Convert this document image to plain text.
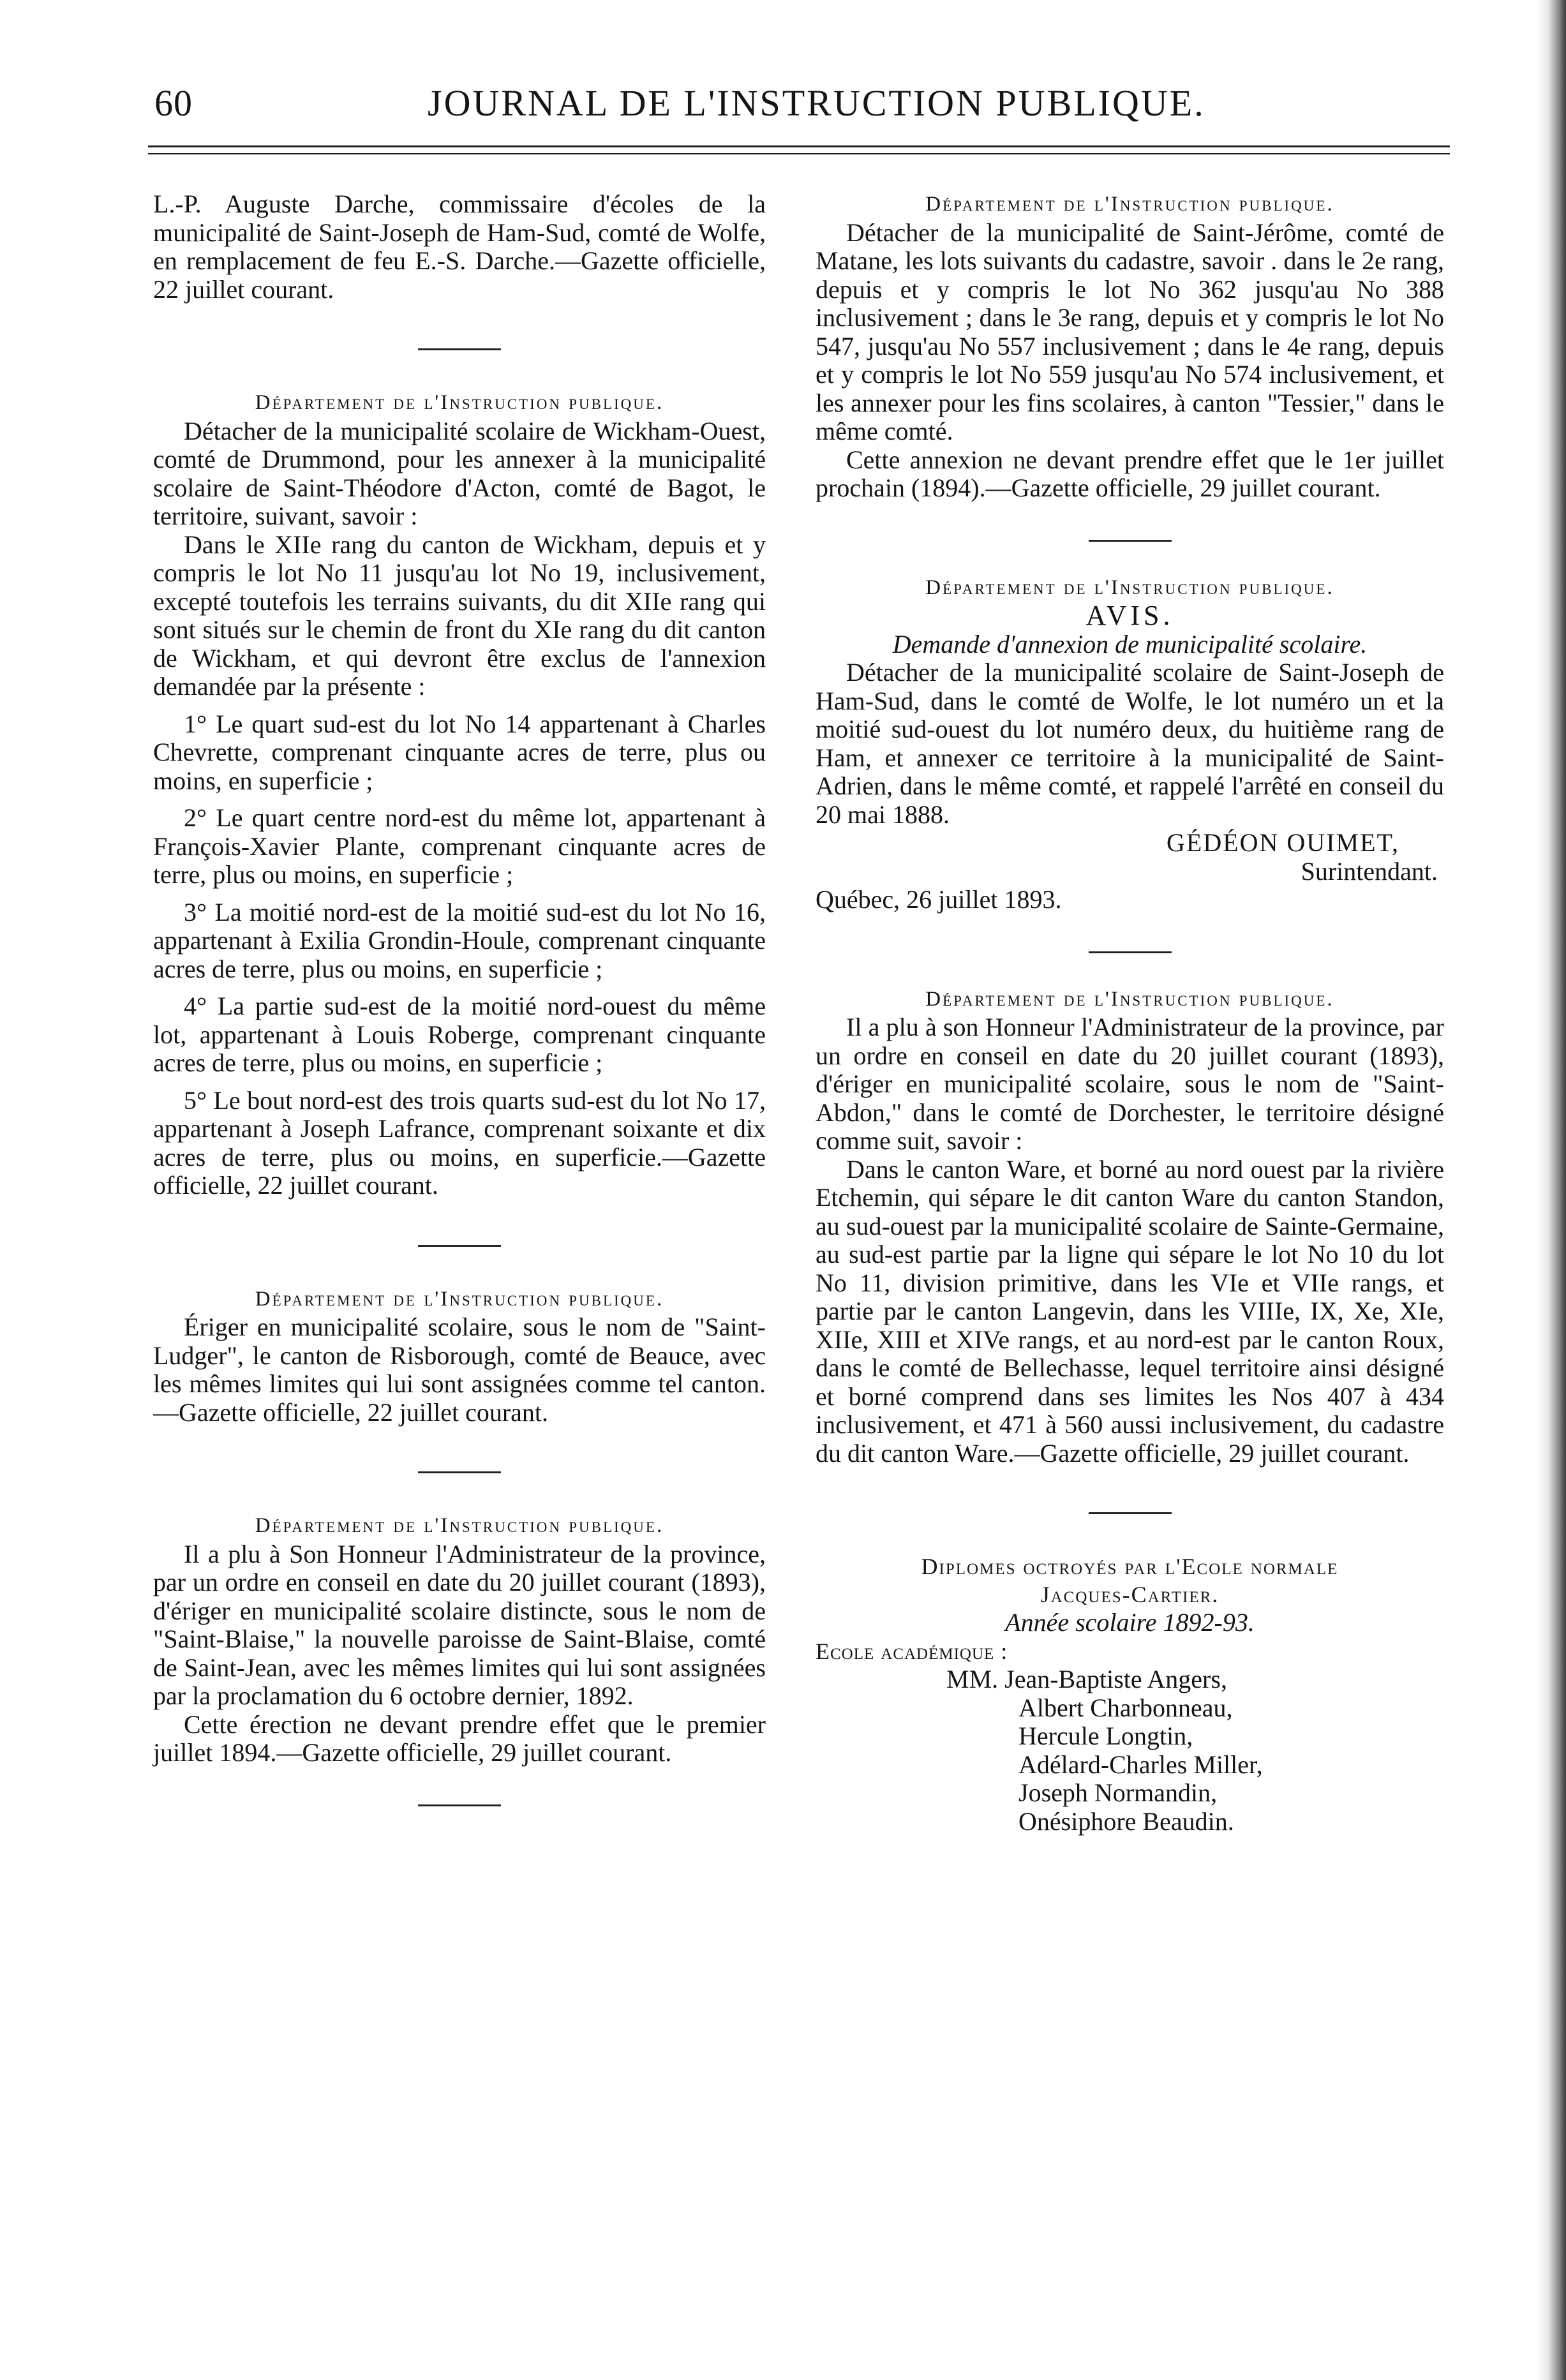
60	JOURNAL DE L'INSTRUCTION PUBLIQUE.

L.-P. Auguste Darche, commissaire d'écoles de la municipalité de Saint-Joseph de Ham-Sud, comté de Wolfe, en remplacement de feu E.-S. Darche.—Gazette officielle, 22 juillet courant.

Département de l'Instruction publique.

Détacher de la municipalité scolaire de Wickham-Ouest, comté de Drummond, pour les annexer à la municipalité scolaire de Saint-Théodore d'Acton, comté de Bagot, le territoire, suivant, savoir :

Dans le XIIe rang du canton de Wickham, depuis et y compris le lot No 11 jusqu'au lot No 19, inclusivement, excepté toutefois les terrains suivants, du dit XIIe rang qui sont situés sur le chemin de front du XIe rang du dit canton de Wickham, et qui devront être exclus de l'annexion demandée par la présente :

1° Le quart sud-est du lot No 14 appartenant à Charles Chevrette, comprenant cinquante acres de terre, plus ou moins, en superficie ;

2° Le quart centre nord-est du même lot, appartenant à François-Xavier Plante, comprenant cinquante acres de terre, plus ou moins, en superficie ;

3° La moitié nord-est de la moitié sud-est du lot No 16, appartenant à Exilia Grondin-Houle, comprenant cinquante acres de terre, plus ou moins, en superficie ;

4° La partie sud-est de la moitié nord-ouest du même lot, appartenant à Louis Roberge, comprenant cinquante acres de terre, plus ou moins, en superficie ;

5° Le bout nord-est des trois quarts sud-est du lot No 17, appartenant à Joseph Lafrance, comprenant soixante et dix acres de terre, plus ou moins, en superficie.—Gazette officielle, 22 juillet courant.

Département de l'Instruction publique.

Ériger en municipalité scolaire, sous le nom de "Saint-Ludger", le canton de Risborough, comté de Beauce, avec les mêmes limites qui lui sont assignées comme tel canton.—Gazette officielle, 22 juillet courant.

Département de l'Instruction publique.

Il a plu à Son Honneur l'Administrateur de la province, par un ordre en conseil en date du 20 juillet courant (1893), d'ériger en municipalité scolaire distincte, sous le nom de "Saint-Blaise," la nouvelle paroisse de Saint-Blaise, comté de Saint-Jean, avec les mêmes limites qui lui sont assignées par la proclamation du 6 octobre dernier, 1892.

Cette érection ne devant prendre effet que le premier juillet 1894.—Gazette officielle, 29 juillet courant.

Département de l'Instruction publique.

Détacher de la municipalité de Saint-Jérôme, comté de Matane, les lots suivants du cadastre, savoir . dans le 2e rang, depuis et y compris le lot No 362 jusqu'au No 388 inclusivement ; dans le 3e rang, depuis et y compris le lot No 547, jusqu'au No 557 inclusivement ; dans le 4e rang, depuis et y compris le lot No 559 jusqu'au No 574 inclusivement, et les annexer pour les fins scolaires, à canton "Tessier," dans le même comté.

Cette annexion ne devant prendre effet que le 1er juillet prochain (1894).—Gazette officielle, 29 juillet courant.

Département de l'Instruction publique.

AVIS.

Demande d'annexion de municipalité scolaire.

Détacher de la municipalité scolaire de Saint-Joseph de Ham-Sud, dans le comté de Wolfe, le lot numéro un et la moitié sud-ouest du lot numéro deux, du huitième rang de Ham, et annexer ce territoire à la municipalité de Saint-Adrien, dans le même comté, et rappelé l'arrêté en conseil du 20 mai 1888.

GÉDÉON OUIMET,

Surintendant.

Québec, 26 juillet 1893.

Département de l'Instruction publique.

Il a plu à son Honneur l'Administrateur de la province, par un ordre en conseil en date du 20 juillet courant (1893), d'ériger en municipalité scolaire, sous le nom de "Saint-Abdon," dans le comté de Dorchester, le territoire désigné comme suit, savoir :

Dans le canton Ware, et borné au nord ouest par la rivière Etchemin, qui sépare le dit canton Ware du canton Standon, au sud-ouest par la municipalité scolaire de Sainte-Germaine, au sud-est partie par la ligne qui sépare le lot No 10 du lot No 11, division primitive, dans les VIe et VIIe rangs, et partie par le canton Langevin, dans les VIIIe, IX, Xe, XIe, XIIe, XIII et XIVe rangs, et au nord-est par le canton Roux, dans le comté de Bellechasse, lequel territoire ainsi désigné et borné comprend dans ses limites les Nos 407 à 434 inclusivement, et 471 à 560 aussi inclusivement, du cadastre du dit canton Ware.—Gazette officielle, 29 juillet courant.

Diplomes octroyés par l'Ecole normale
Jacques-Cartier.

Année scolaire 1892-93.

Ecole académique :

MM. Jean-Baptiste Angers,
Albert Charbonneau,
Hercule Longtin,
Adélard-Charles Miller,
Joseph Normandin,
Onésiphore Beaudin.
